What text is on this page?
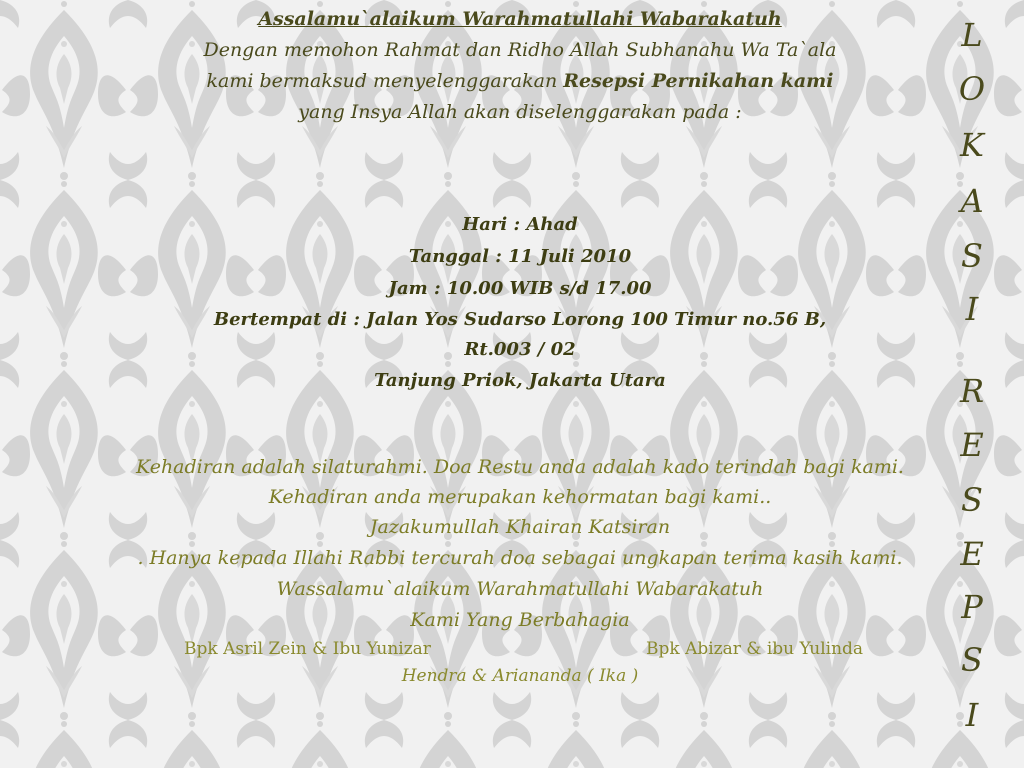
Assalamu`alaikum Warahmatullahi Wabarakatuh
Dengan memohon Rahmat dan Ridho Allah Subhanahu Wa Ta`ala
kami bermaksud menyelenggarakan Resepsi Pernikahan kami
yang Insya Allah akan diselenggarakan pada :
Hari : Ahad
Tanggal : 11 Juli 2010
Jam : 10.00 WIB s/d 17.00
Bertempat di : Jalan Yos Sudarso Lorong 100 Timur no.56 B,
Rt.003 / 02
Tanjung Priok, Jakarta Utara
Kehadiran adalah silaturahmi. Doa Restu anda adalah kado terindah bagi kami.
Kehadiran anda merupakan kehormatan bagi kami..
Jazakumullah Khairan Katsiran
. Hanya kepada Illahi Rabbi tercurah doa sebagai ungkapan terima kasih kami.
Wassalamu`alaikum Warahmatullahi Wabarakatuh
Kami Yang Berbahagia
Bpk Asril Zein & Ibu Yunizar	Bpk Abizar & ibu Yulinda
Hendra & Ariananda ( Ika )
L
O
K
A
S
I
R
E
S
E
P
S
I
